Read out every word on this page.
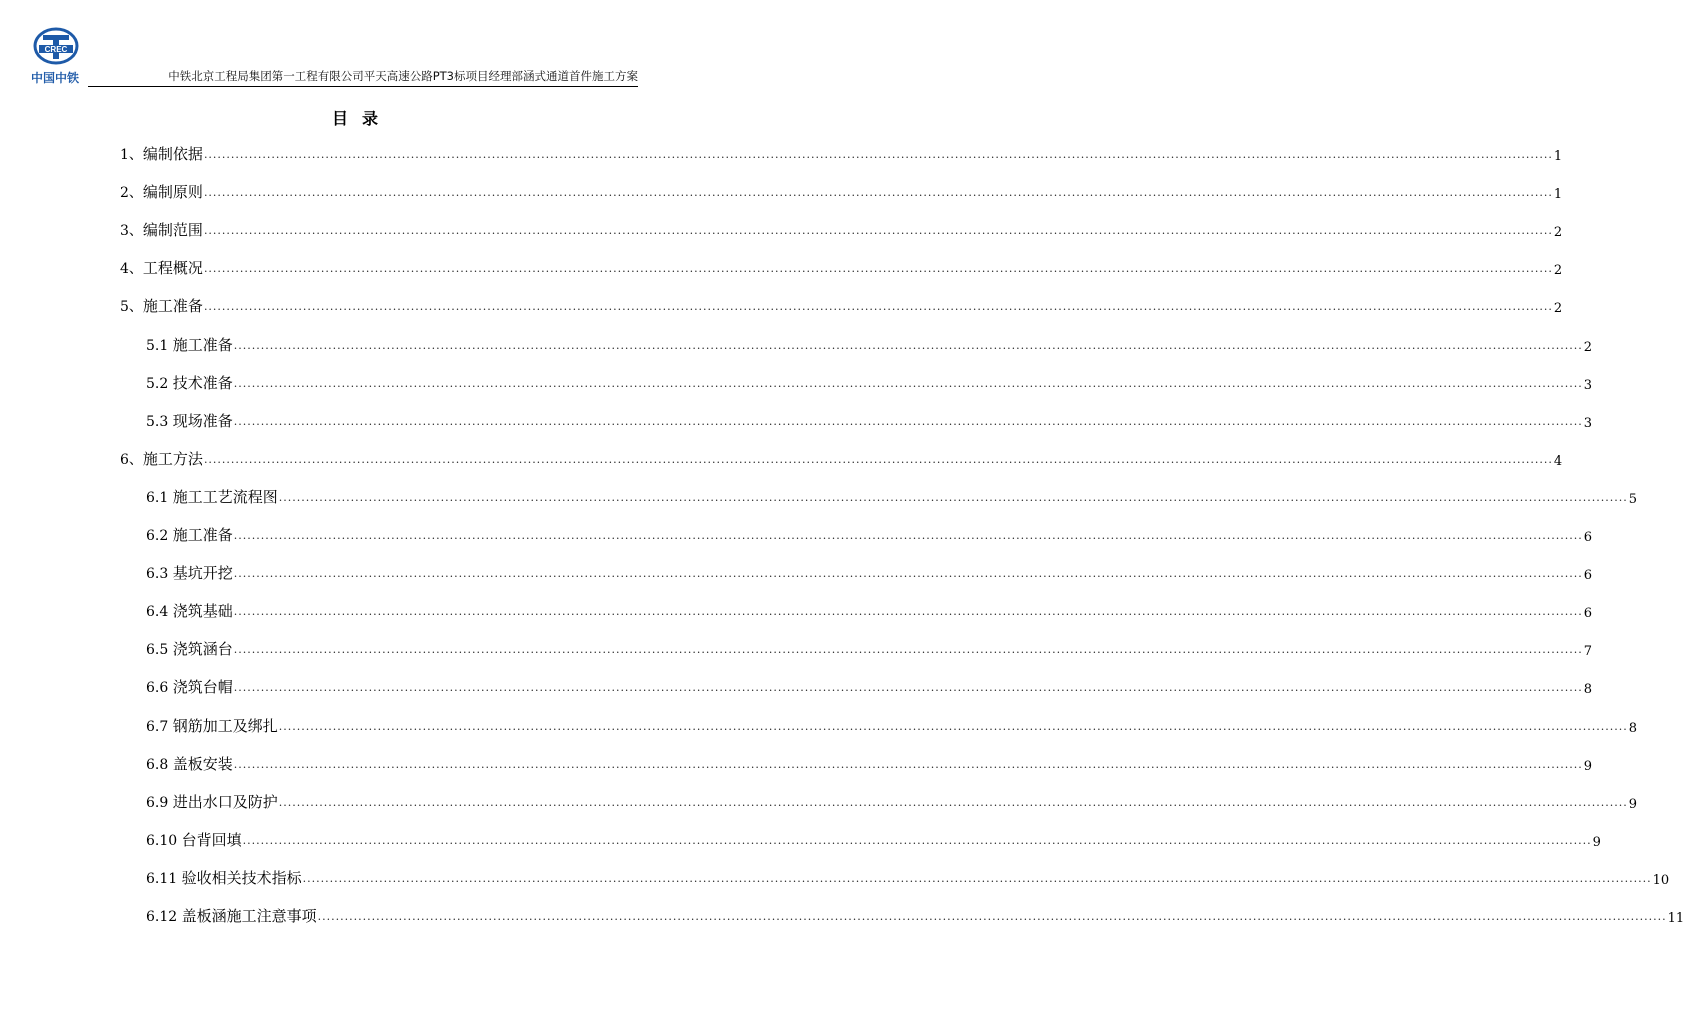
CREC
中国中铁	中铁北京工程局集团第一工程有限公司平天高速公路PT3标项目经理部涵式通道首件施工方案
目录
1、编制依据 ............................................................................................................................................................................................................................................................................................................ 1
2、编制原则 ............................................................................................................................................................................................................................................................................................................ 1
3、编制范围 ............................................................................................................................................................................................................................................................................................................ 2
4、工程概况 ............................................................................................................................................................................................................................................................................................................ 2
5、施工准备 ............................................................................................................................................................................................................................................................................................................ 2
5.1 施工准备 ............................................................................................................................................................................................................................................................................................................ 2
5.2 技术准备 ............................................................................................................................................................................................................................................................................................................ 3
5.3 现场准备 ............................................................................................................................................................................................................................................................................................................ 3
6、施工方法 ............................................................................................................................................................................................................................................................................................................ 4
6.1 施工工艺流程图 ............................................................................................................................................................................................................................................................................................................ 5
6.2 施工准备 ............................................................................................................................................................................................................................................................................................................ 6
6.3 基坑开挖 ............................................................................................................................................................................................................................................................................................................ 6
6.4 浇筑基础 ............................................................................................................................................................................................................................................................................................................ 6
6.5 浇筑涵台 ............................................................................................................................................................................................................................................................................................................ 7
6.6 浇筑台帽 ............................................................................................................................................................................................................................................................................................................ 8
6.7 钢筋加工及绑扎 ............................................................................................................................................................................................................................................................................................................ 8
6.8 盖板安装 ............................................................................................................................................................................................................................................................................................................ 9
6.9 进出水口及防护 ............................................................................................................................................................................................................................................................................................................ 9
6.10 台背回填 ............................................................................................................................................................................................................................................................................................................ 9
6.11 验收相关技术指标 ............................................................................................................................................................................................................................................................................................................ 10
6.12 盖板涵施工注意事项 ............................................................................................................................................................................................................................................................................................................ 11
